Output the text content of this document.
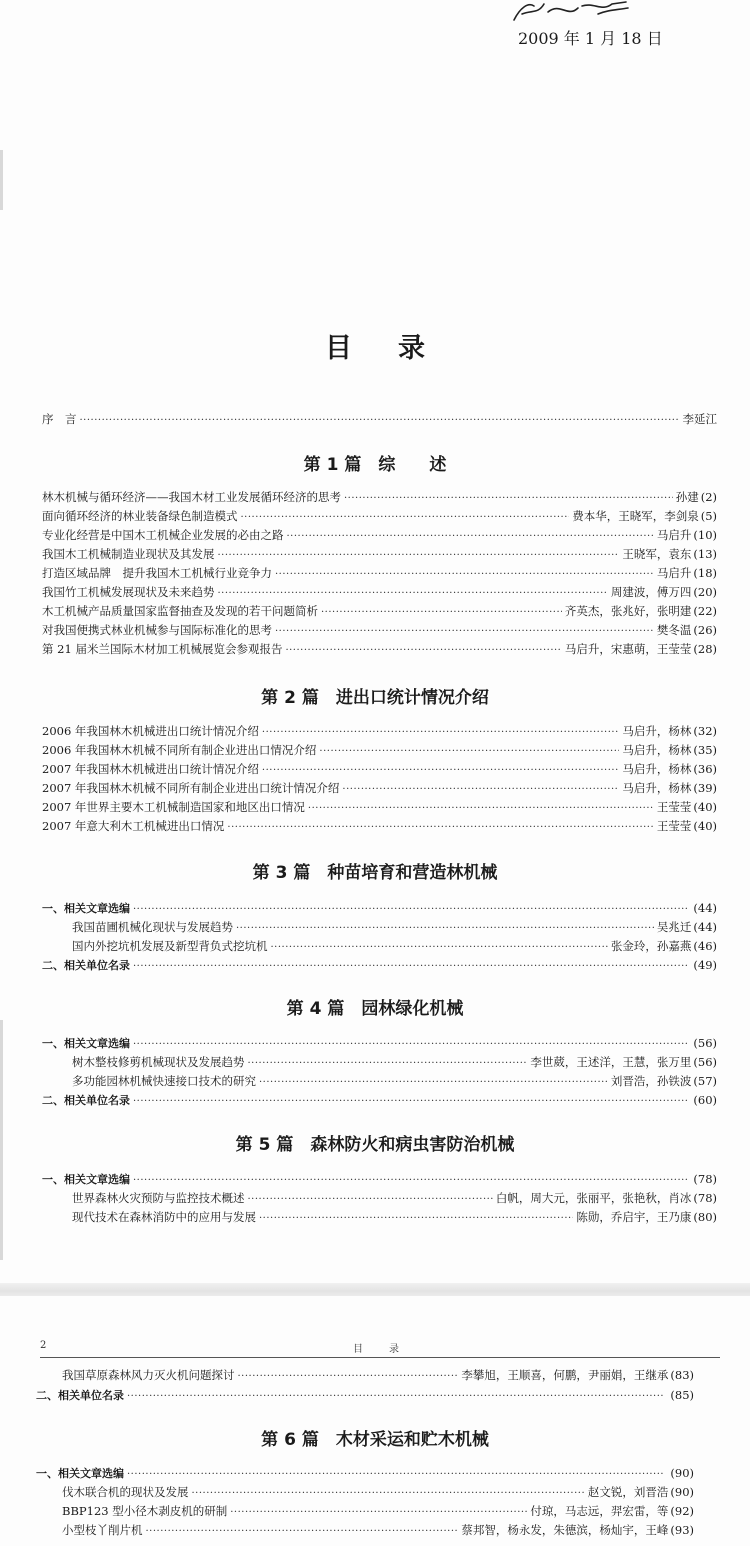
2009 年 1 月 18 日
目 录
序　言 ·····	李延江
第 1 篇　综　　述
林木机械与循环经济——我国木材工业发展循环经济的思考 ·····	孙建 (2)
面向循环经济的林业装备绿色制造模式 ·····	费本华，王晓军，李剑泉 (5)
专业化经营是中国木工机械企业发展的必由之路 ·····	马启升 (10)
我国木工机械制造业现状及其发展 ·····	王晓军，袁东 (13)
打造区域品牌　提升我国木工机械行业竞争力 ·····	马启升 (18)
我国竹工机械发展现状及未来趋势 ·····	周建波，傅万四 (20)
木工机械产品质量国家监督抽查及发现的若干问题简析 ·····	齐英杰，张兆好，张明建 (22)
对我国便携式林业机械参与国际标准化的思考 ·····	樊冬温 (26)
第 21 届米兰国际木材加工机械展览会参观报告 ·····	马启升，宋惠萌，王莹莹 (28)
第 2 篇　进出口统计情况介绍
2006 年我国林木机械进出口统计情况介绍 ·····	马启升，杨林 (32)
2006 年我国林木机械不同所有制企业进出口情况介绍 ·····	马启升，杨林 (35)
2007 年我国林木机械进出口统计情况介绍 ·····	马启升，杨林 (36)
2007 年我国林木机械不同所有制企业进出口统计情况介绍 ·····	马启升，杨林 (39)
2007 年世界主要木工机械制造国家和地区出口情况 ·····	王莹莹 (40)
2007 年意大利木工机械进出口情况 ·····	王莹莹 (40)
第 3 篇　种苗培育和营造林机械
一、相关文章选编 ·····	(44)
我国苗圃机械化现状与发展趋势 ·····	吴兆迁 (44)
国内外挖坑机发展及新型背负式挖坑机 ·····	张金玲，孙嘉燕 (46)
二、相关单位名录 ·····	(49)
第 4 篇　园林绿化机械
一、相关文章选编 ·····	(56)
树木整枝修剪机械现状及发展趋势 ·····	李世葳，王述洋，王慧，张万里 (56)
多功能园林机械快速接口技术的研究 ·····	刘晋浩，孙铁波 (57)
二、相关单位名录 ·····	(60)
第 5 篇　森林防火和病虫害防治机械
一、相关文章选编 ·····	(78)
世界森林火灾预防与监控技术概述 ·····	白帆，周大元，张丽平，张艳秋，肖冰 (78)
现代技术在森林消防中的应用与发展 ·····	陈勋，乔启宇，王乃康 (80)
2	目　录
我国草原森林风力灭火机问题探讨 ·····	李攀旭，王顺喜，何鹏，尹丽娟，王继承 (83)
二、相关单位名录 ·····	(85)
第 6 篇　木材采运和贮木机械
一、相关文章选编 ·····	(90)
伐木联合机的现状及发展 ·····	赵文锐，刘晋浩 (90)
BBP123 型小径木剥皮机的研制 ·····	付琼，马志远，羿宏雷，等 (92)
小型枝丫削片机 ·····	蔡邦智，杨永发，朱德滨，杨灿宇，王峰 (93)
